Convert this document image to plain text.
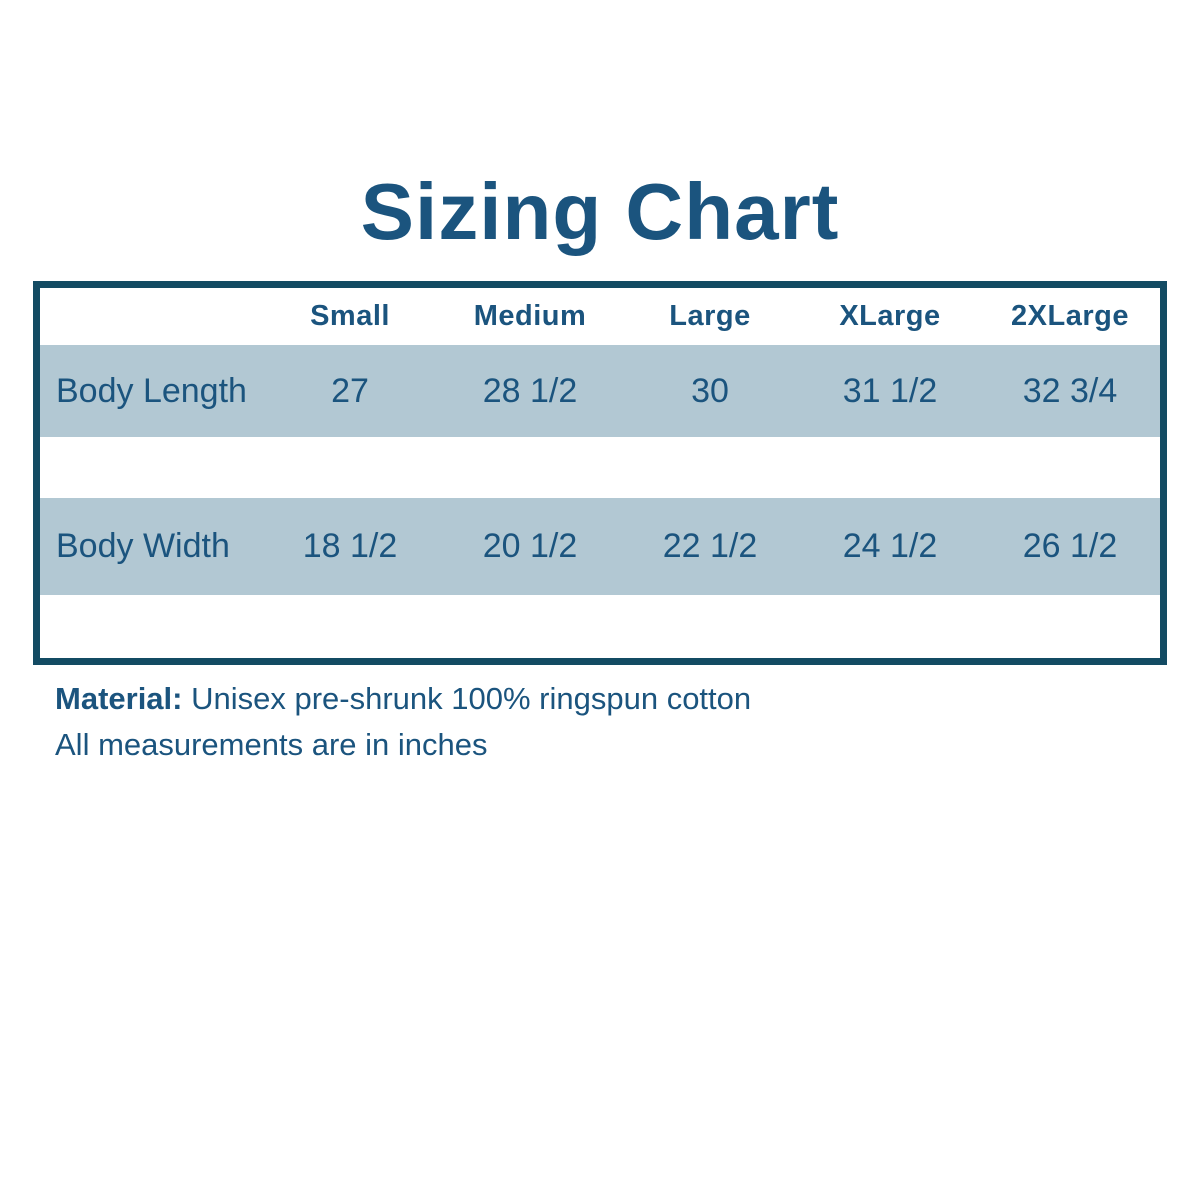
Sizing Chart
	Small	Medium	Large	XLarge	2XLarge
Body Length	27	28 1/2	30	31 1/2	32 3/4

Body Width	18 1/2	20 1/2	22 1/2	24 1/2	26 1/2

Material: Unisex pre-shrunk 100% ringspun cotton

All measurements are in inches
